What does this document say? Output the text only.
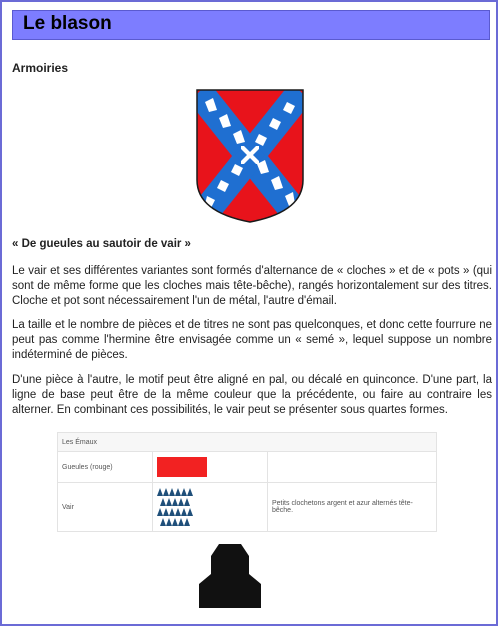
Le blason
Armoiries
« De gueules au sautoir de vair »

Le vair et ses différentes variantes sont formés d'alternance de « cloches » et de « pots » (qui sont de même forme que les cloches mais tête-bêche), rangés horizontalement sur des titres. Cloche et pot sont nécessairement l'un de métal, l'autre d'émail.

La taille et le nombre de pièces et de titres ne sont pas quelconques, et donc cette fourrure ne peut pas comme l'hermine être envisagée comme un « semé », lequel suppose un nombre indéterminé de pièces.

D'une pièce à l'autre, le motif peut être aligné en pal, ou décalé en quinconce. D'une part, la ligne de base peut être de la même couleur que la précédente, ou faire au contraire les alterner. En combinant ces possibilités, le vair peut se présenter sous quartes formes.

Les Émaux		
Gueules (rouge)	

Vair		Petits clochetons argent et azur alternés tête-bêche.
